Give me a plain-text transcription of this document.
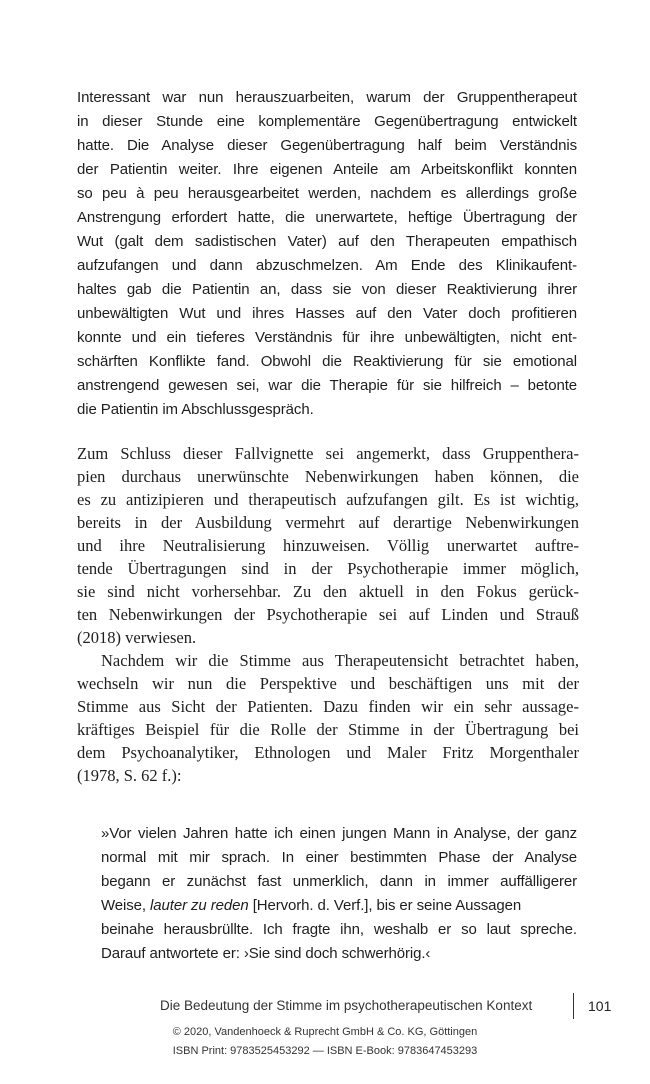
Interessant war nun herauszuarbeiten, warum der Gruppentherapeut
in dieser Stunde eine komplementäre Gegenübertragung entwickelt
hatte. Die Analyse dieser Gegenübertragung half beim Verständnis
der Patientin weiter. Ihre eigenen Anteile am Arbeitskonflikt konnten
so peu à peu herausgearbeitet werden, nachdem es allerdings große
Anstrengung erfordert hatte, die unerwartete, heftige Übertragung der
Wut (galt dem sadistischen Vater) auf den Therapeuten empathisch
aufzufangen und dann abzuschmelzen. Am Ende des Klinikaufent-
haltes gab die Patientin an, dass sie von dieser Reaktivierung ihrer
unbewältigten Wut und ihres Hasses auf den Vater doch profitieren
konnte und ein tieferes Verständnis für ihre unbewältigten, nicht ent-
schärften Konflikte fand. Obwohl die Reaktivierung für sie emotional
anstrengend gewesen sei, war die Therapie für sie hilfreich – betonte
die Patientin im Abschlussgespräch.
Zum Schluss dieser Fallvignette sei angemerkt, dass Gruppenthera-
pien durchaus unerwünschte Nebenwirkungen haben können, die
es zu antizipieren und therapeutisch aufzufangen gilt. Es ist wichtig,
bereits in der Ausbildung vermehrt auf derartige Nebenwirkungen
und ihre Neutralisierung hinzuweisen. Völlig unerwartet auftre-
tende Übertragungen sind in der Psychotherapie immer möglich,
sie sind nicht vorhersehbar. Zu den aktuell in den Fokus gerück-
ten Nebenwirkungen der Psychotherapie sei auf Linden und Strauß
(2018) verwiesen.
Nachdem wir die Stimme aus Therapeutensicht betrachtet haben,
wechseln wir nun die Perspektive und beschäftigen uns mit der
Stimme aus Sicht der Patienten. Dazu finden wir ein sehr aussage-
kräftiges Beispiel für die Rolle der Stimme in der Übertragung bei
dem Psychoanalytiker, Ethnologen und Maler Fritz Morgenthaler
(1978, S. 62 f.):
»Vor vielen Jahren hatte ich einen jungen Mann in Analyse, der ganz
normal mit mir sprach. In einer bestimmten Phase der Analyse
begann er zunächst fast unmerklich, dann in immer auffälligerer
Weise, lauter zu reden [Hervorh. d. Verf.], bis er seine Aussagen
beinahe herausbrüllte. Ich fragte ihn, weshalb er so laut spreche.
Darauf antwortete er: ›Sie sind doch schwerhörig.‹
Die Bedeutung der Stimme im psychotherapeutischen Kontext	101
© 2020, Vandenhoeck & Ruprecht GmbH & Co. KG, Göttingen
ISBN Print: 9783525453292 — ISBN E-Book: 9783647453293
